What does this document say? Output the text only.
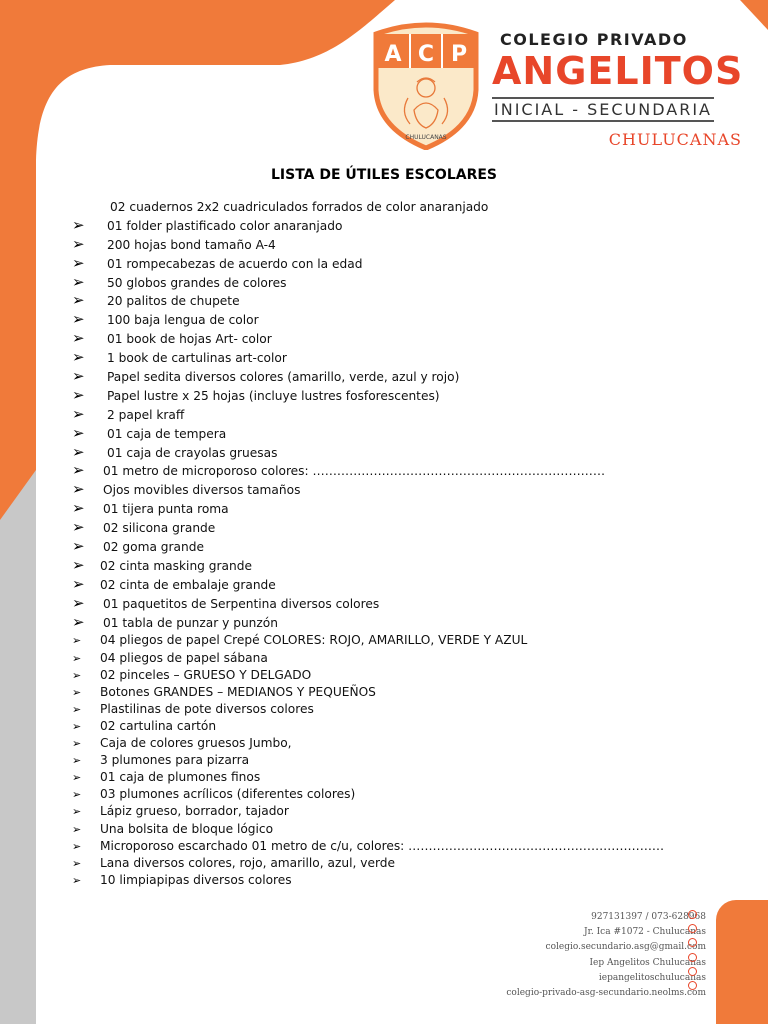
A C P
CHULUCANAS
COLEGIO PRIVADO
ANGELITOS
INICIAL - SECUNDARIA
CHULUCANAS
LISTA DE ÚTILES ESCOLARES
02 cuadernos 2x2 cuadriculados forrados de color anaranjado
➢ 01 folder plastificado color anaranjado
➢ 200 hojas bond tamaño A-4
➢ 01 rompecabezas de acuerdo con la edad
➢ 50 globos grandes de colores
➢ 20 palitos de chupete
➢ 100 baja lengua de color
➢ 01 book de hojas Art- color
➢ 1 book de cartulinas art-color
➢ Papel sedita diversos colores (amarillo, verde, azul y rojo)
➢ Papel lustre x 25 hojas (incluye lustres fosforescentes)
➢ 2 papel kraff
➢ 01 caja de tempera
➢ 01 caja de crayolas gruesas
➢ 01 metro de microporoso colores: ………………………………………………………………
➢ Ojos movibles diversos tamaños
➢ 01 tijera punta roma
➢ 02 silicona grande
➢ 02 goma grande
➢ 02 cinta masking grande
➢ 02 cinta de embalaje grande
➢ 01 paquetitos de Serpentina diversos colores
➢ 01 tabla de punzar y punzón
➢ 04 pliegos de papel Crepé COLORES: ROJO, AMARILLO, VERDE Y AZUL
➢ 04 pliegos de papel sábana
➢ 02 pinceles – GRUESO Y DELGADO
➢ Botones GRANDES – MEDIANOS Y PEQUEÑOS
➢ Plastilinas de pote diversos colores
➢ 02 cartulina cartón
➢ Caja de colores gruesos Jumbo,
➢ 3 plumones para pizarra
➢ 01 caja de plumones finos
➢ 03 plumones acrílicos (diferentes colores)
➢ Lápiz grueso, borrador, tajador
➢ Una bolsita de bloque lógico
➢ Microporoso escarchado 01 metro de c/u, colores: ………………………………………………………
➢ Lana diversos colores, rojo, amarillo, azul, verde
➢ 10 limpiapipas diversos colores
927131397 / 073-628968
Jr. Ica #1072 - Chulucanas
colegio.secundario.asg@gmail.com
Iep Angelitos Chulucanas
iepangelitoschulucanas
colegio-privado-asg-secundario.neolms.com
